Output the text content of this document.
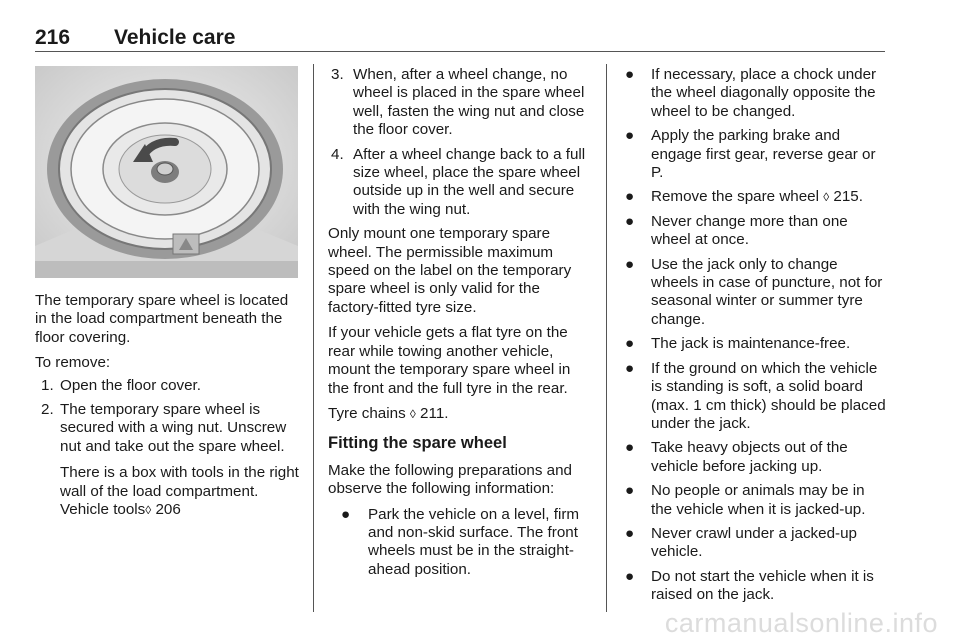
216 Vehicle care

The temporary spare wheel is located in the load compartment beneath the floor covering.

To remove:

1. Open the floor cover.
2. The temporary spare wheel is secured with a wing nut. Unscrew nut and take out the spare wheel.

There is a box with tools in the right wall of the load compartment. Vehicle tools◊ 206

3. When, after a wheel change, no wheel is placed in the spare wheel well, fasten the wing nut and close the floor cover.
4. After a wheel change back to a full size wheel, place the spare wheel outside up in the well and secure with the wing nut.

Only mount one temporary spare wheel. The permissible maximum speed on the label on the temporary spare wheel is only valid for the factory-fitted tyre size.

If your vehicle gets a flat tyre on the rear while towing another vehicle, mount the temporary spare wheel in the front and the full tyre in the rear.

Tyre chains ◊ 211.

Fitting the spare wheel

Make the following preparations and observe the following information:

● Park the vehicle on a level, firm and non-skid surface. The front wheels must be in the straight-ahead position.
● If necessary, place a chock under the wheel diagonally opposite the wheel to be changed.
● Apply the parking brake and engage first gear, reverse gear or P.
● Remove the spare wheel ◊ 215.
● Never change more than one wheel at once.
● Use the jack only to change wheels in case of puncture, not for seasonal winter or summer tyre change.
● The jack is maintenance-free.
● If the ground on which the vehicle is standing is soft, a solid board (max. 1 cm thick) should be placed under the jack.
● Take heavy objects out of the vehicle before jacking up.
● No people or animals may be in the vehicle when it is jacked-up.
● Never crawl under a jacked-up vehicle.
● Do not start the vehicle when it is raised on the jack.
carmanualsonline.info
